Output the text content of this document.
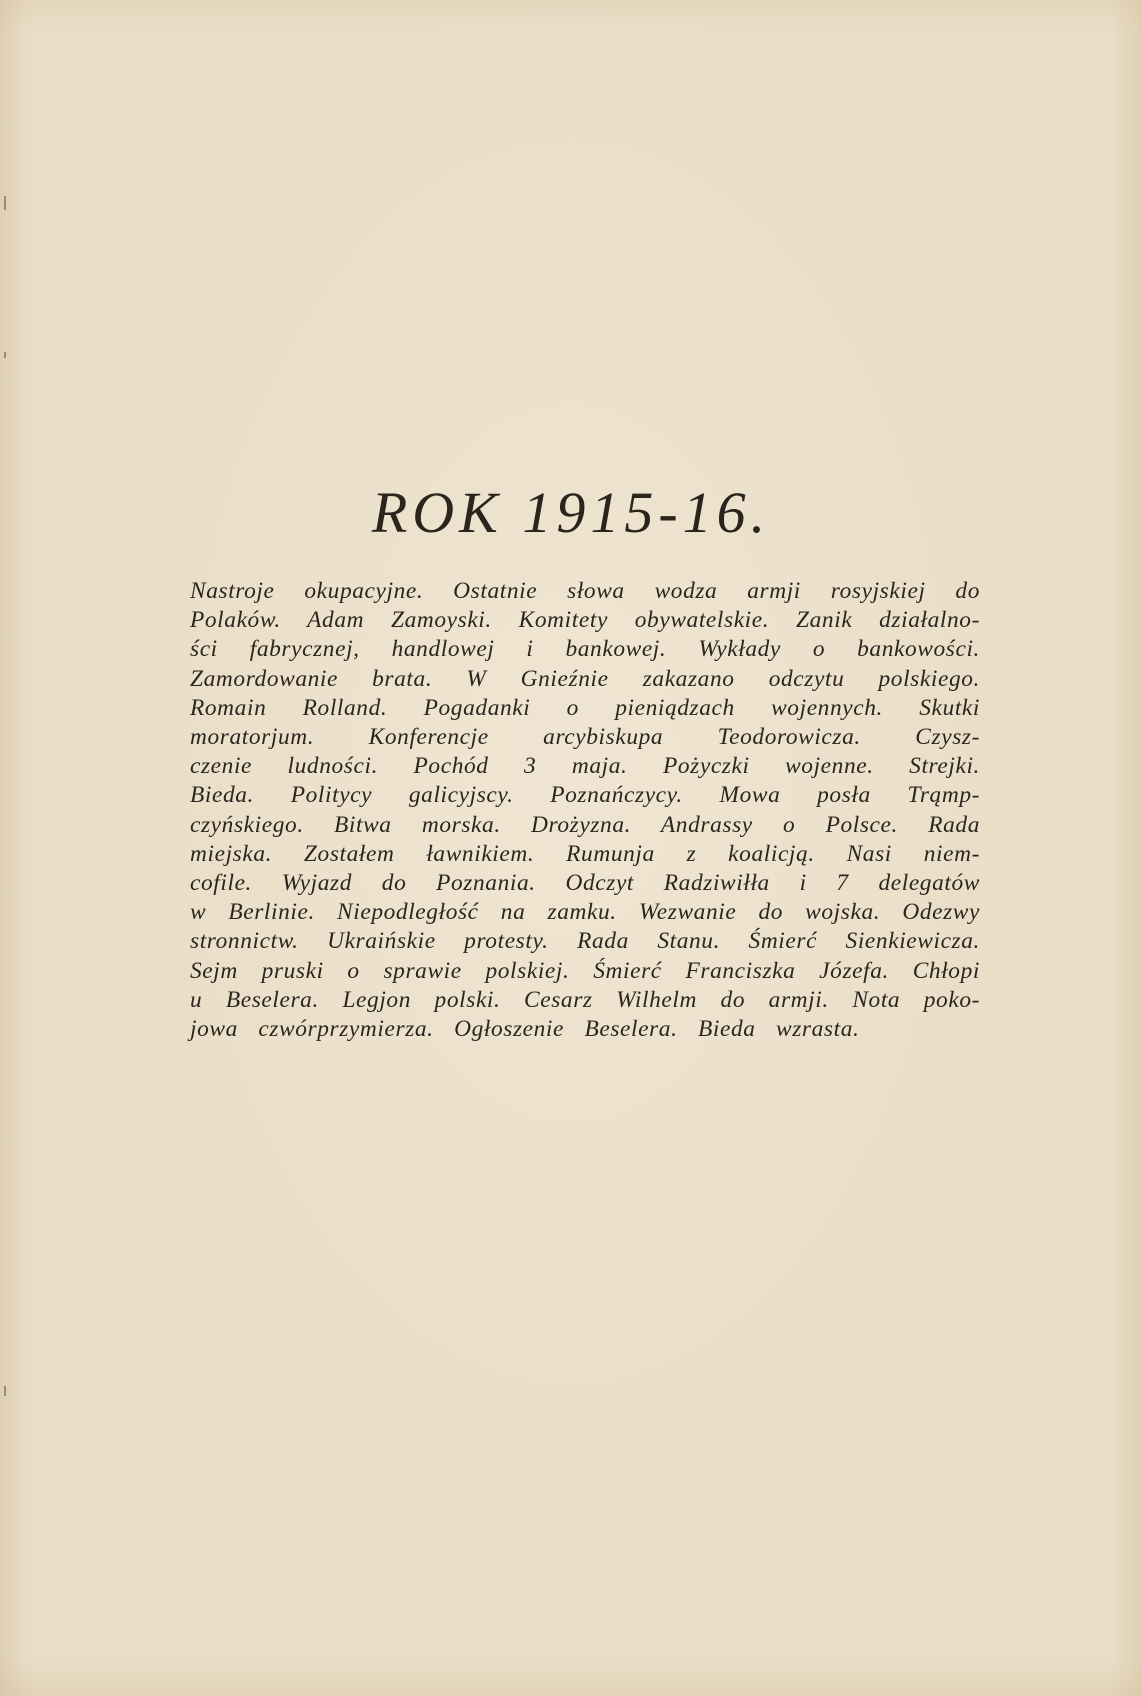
ROK 1915-16.

Nastroje okupacyjne. Ostatnie słowa wodza armji rosyjskiej do
Polaków. Adam Zamoyski. Komitety obywatelskie. Zanik działalno-
ści fabrycznej, handlowej i bankowej. Wykłady o bankowości.
Zamordowanie brata. W Gnieźnie zakazano odczytu polskiego.
Romain Rolland. Pogadanki o pieniądzach wojennych. Skutki
moratorjum. Konferencje arcybiskupa Teodorowicza. Czysz-
czenie ludności. Pochód 3 maja. Pożyczki wojenne. Strejki.
Bieda. Politycy galicyjscy. Poznańczycy. Mowa posła Trąmp-
czyńskiego. Bitwa morska. Drożyzna. Andrassy o Polsce. Rada
miejska. Zostałem ławnikiem. Rumunja z koalicją. Nasi niem-
cofile. Wyjazd do Poznania. Odczyt Radziwiłła i 7 delegatów
w Berlinie. Niepodległość na zamku. Wezwanie do wojska. Odezwy
stronnictw. Ukraińskie protesty. Rada Stanu. Śmierć Sienkiewicza.
Sejm pruski o sprawie polskiej. Śmierć Franciszka Józefa. Chłopi
u Beselera. Legjon polski. Cesarz Wilhelm do armji. Nota poko-
jowa czwórprzymierza. Ogłoszenie Beselera. Bieda wzrasta.
